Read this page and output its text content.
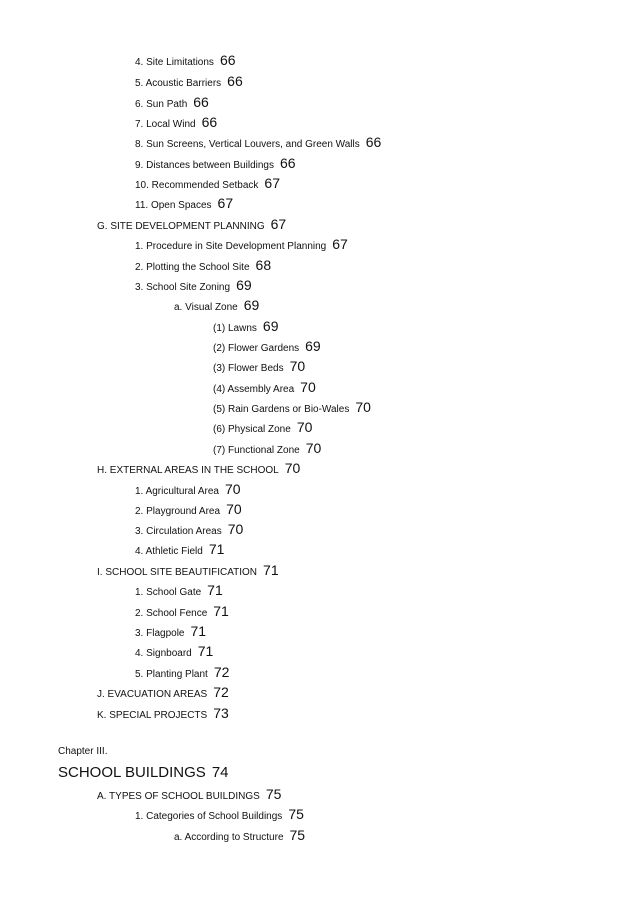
4. Site Limitations 66
5. Acoustic Barriers 66
6. Sun Path 66
7. Local Wind 66
8. Sun Screens, Vertical Louvers, and Green Walls 66
9. Distances between Buildings 66
10. Recommended Setback 67
11. Open Spaces 67
G. SITE DEVELOPMENT PLANNING 67
1. Procedure in Site Development Planning 67
2. Plotting the School Site 68
3. School Site Zoning 69
a. Visual Zone 69
(1) Lawns 69
(2) Flower Gardens 69
(3) Flower Beds 70
(4) Assembly Area 70
(5) Rain Gardens or Bio-Wales 70
(6) Physical Zone 70
(7) Functional Zone 70
H. EXTERNAL AREAS IN THE SCHOOL 70
1. Agricultural Area 70
2. Playground Area 70
3. Circulation Areas 70
4. Athletic Field 71
I. SCHOOL SITE BEAUTIFICATION 71
1. School Gate 71
2. School Fence 71
3. Flagpole 71
4. Signboard 71
5. Planting Plant 72
J. EVACUATION AREAS 72
K. SPECIAL PROJECTS 73
Chapter III.
SCHOOL BUILDINGS 74
A. TYPES OF SCHOOL BUILDINGS 75
1. Categories of School Buildings 75
a. According to Structure 75
